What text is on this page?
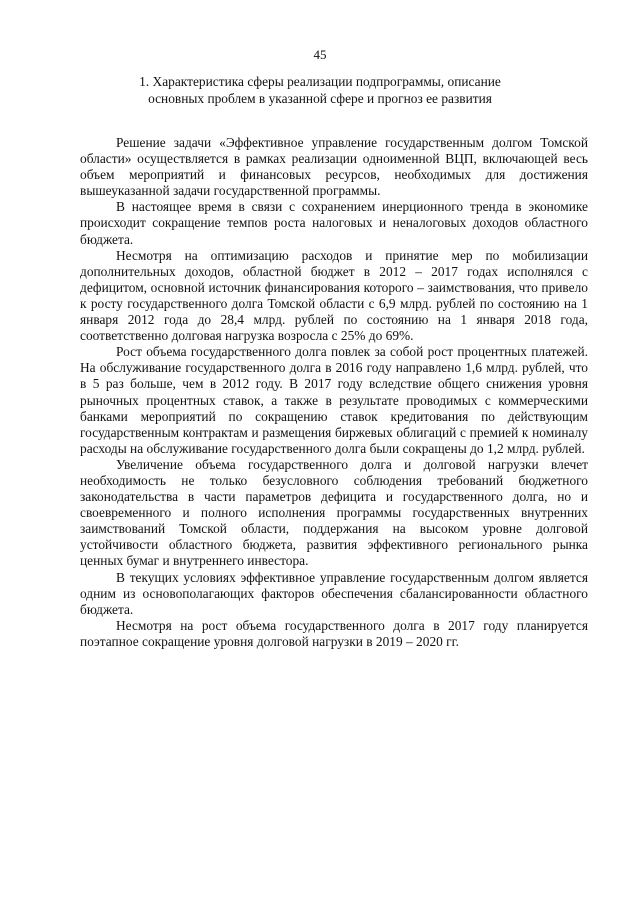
45
1. Характеристика сферы реализации подпрограммы, описание
основных проблем в указанной сфере и прогноз ее развития

Решение задачи «Эффективное управление государственным долгом Томской области» осуществляется в рамках реализации одноименной ВЦП, включающей весь объем мероприятий и финансовых ресурсов, необходимых для достижения вышеуказанной задачи государственной программы.

В настоящее время в связи с сохранением инерционного тренда в экономике происходит сокращение темпов роста налоговых и неналоговых доходов областного бюджета.

Несмотря на оптимизацию расходов и принятие мер по мобилизации дополнительных доходов, областной бюджет в 2012 – 2017 годах исполнялся с дефицитом, основной источник финансирования которого – заимствования, что привело к росту государственного долга Томской области с 6,9 млрд. рублей по состоянию на 1 января 2012 года до 28,4 млрд. рублей по состоянию на 1 января 2018 года, соответственно долговая нагрузка возросла с 25% до 69%.

Рост объема государственного долга повлек за собой рост процентных платежей. На обслуживание государственного долга в 2016 году направлено 1,6 млрд. рублей, что в 5 раз больше, чем в 2012 году. В 2017 году вследствие общего снижения уровня рыночных процентных ставок, а также в результате проводимых с коммерческими банками мероприятий по сокращению ставок кредитования по действующим государственным контрактам и размещения биржевых облигаций с премией к номиналу расходы на обслуживание государственного долга были сокращены до 1,2 млрд. рублей.

Увеличение объема государственного долга и долговой нагрузки влечет необходимость не только безусловного соблюдения требований бюджетного законодательства в части параметров дефицита и государственного долга, но и своевременного и полного исполнения программы государственных внутренних заимствований Томской области, поддержания на высоком уровне долговой устойчивости областного бюджета, развития эффективного регионального рынка ценных бумаг и внутреннего инвестора.

В текущих условиях эффективное управление государственным долгом является одним из основополагающих факторов обеспечения сбалансированности областного бюджета.

Несмотря на рост объема государственного долга в 2017 году планируется поэтапное сокращение уровня долговой нагрузки в 2019 – 2020 гг.
